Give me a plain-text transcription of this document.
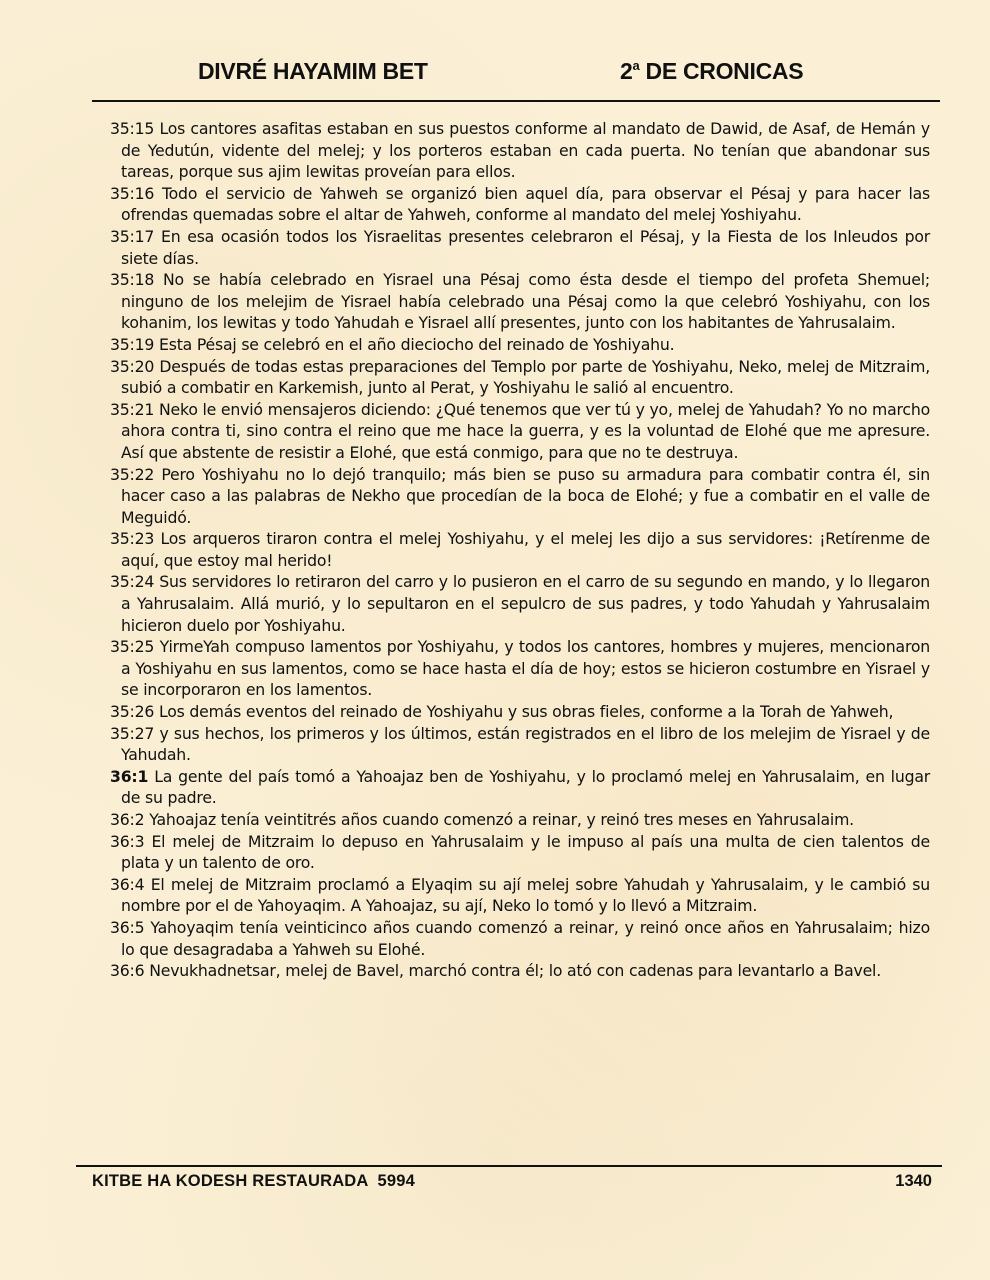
DIVRÉ HAYAMIM BET	2$^a$ DE CRONICAS

35:15 Los cantores asafitas estaban en sus puestos conforme al mandato de Dawid, de Asaf, de Hemán y de Yedutún, vidente del melej; y los porteros estaban en cada puerta. No tenían que abandonar sus tareas, porque sus ajim lewitas proveían para ellos.

35:16 Todo el servicio de Yahweh se organizó bien aquel día, para observar el Pésaj y para hacer las ofrendas quemadas sobre el altar de Yahweh, conforme al mandato del melej Yoshiyahu.

35:17 En esa ocasión todos los Yisraelitas presentes celebraron el Pésaj, y la Fiesta de los Inleudos por siete días.

35:18 No se había celebrado en Yisrael una Pésaj como ésta desde el tiempo del profeta Shemuel; ninguno de los melejim de Yisrael había celebrado una Pésaj como la que celebró Yoshiyahu, con los kohanim, los lewitas y todo Yahudah e Yisrael allí presentes, junto con los habitantes de Yahrusalaim.

35:19 Esta Pésaj se celebró en el año dieciocho del reinado de Yoshiyahu.

35:20 Después de todas estas preparaciones del Templo por parte de Yoshiyahu, Neko, melej de Mitzraim, subió a combatir en Karkemish, junto al Perat, y Yoshiyahu le salió al encuentro.

35:21 Neko le envió mensajeros diciendo: ¿Qué tenemos que ver tú y yo, melej de Yahudah? Yo no marcho ahora contra ti, sino contra el reino que me hace la guerra, y es la voluntad de Elohé que me apresure. Así que abstente de resistir a Elohé, que está conmigo, para que no te destruya.

35:22 Pero Yoshiyahu no lo dejó tranquilo; más bien se puso su armadura para combatir contra él, sin hacer caso a las palabras de Nekho que procedían de la boca de Elohé; y fue a combatir en el valle de Meguidó.

35:23 Los arqueros tiraron contra el melej Yoshiyahu, y el melej les dijo a sus servidores: ¡Retírenme de aquí, que estoy mal herido!

35:24 Sus servidores lo retiraron del carro y lo pusieron en el carro de su segundo en mando, y lo llegaron a Yahrusalaim. Allá murió, y lo sepultaron en el sepulcro de sus padres, y todo Yahudah y Yahrusalaim hicieron duelo por Yoshiyahu.

35:25 YirmeYah compuso lamentos por Yoshiyahu, y todos los cantores, hombres y mujeres, mencionaron a Yoshiyahu en sus lamentos, como se hace hasta el día de hoy; estos se hicieron costumbre en Yisrael y se incorporaron en los lamentos.

35:26 Los demás eventos del reinado de Yoshiyahu y sus obras fieles, conforme a la Torah de Yahweh,

35:27 y sus hechos, los primeros y los últimos, están registrados en el libro de los melejim de Yisrael y de Yahudah.

36:1 La gente del país tomó a Yahoajaz ben de Yoshiyahu, y lo proclamó melej en Yahrusalaim, en lugar de su padre.

36:2 Yahoajaz tenía veintitrés años cuando comenzó a reinar, y reinó tres meses en Yahrusalaim.

36:3 El melej de Mitzraim lo depuso en Yahrusalaim y le impuso al país una multa de cien talentos de plata y un talento de oro.

36:4 El melej de Mitzraim proclamó a Elyaqim su ají melej sobre Yahudah y Yahrusalaim, y le cambió su nombre por el de Yahoyaqim. A Yahoajaz, su ají, Neko lo tomó y lo llevó a Mitzraim.

36:5 Yahoyaqim tenía veinticinco años cuando comenzó a reinar, y reinó once años en Yahrusalaim; hizo lo que desagradaba a Yahweh su Elohé.

36:6 Nevukhadnetsar, melej de Bavel, marchó contra él; lo ató con cadenas para levantarlo a Bavel.

KITBE HA KODESH RESTAURADA  5994	1340
